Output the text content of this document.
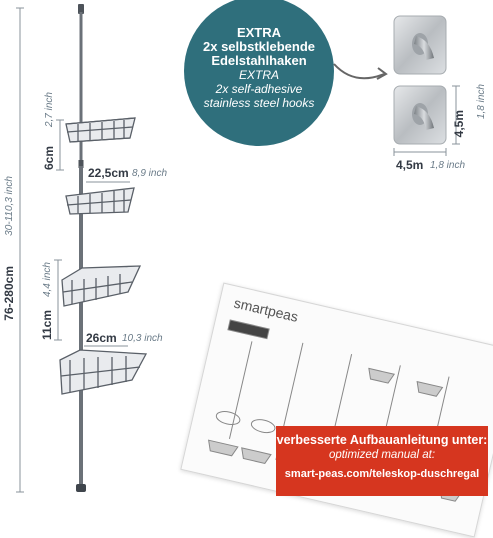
76-280cm
30-110,3 inch
6cm
2,7 inch
11cm
4,4 inch
22,5cm 8,9 inch
26cm 10,3 inch
EXTRA
2x selbstklebende
Edelstahlhaken
EXTRA
2x self-adhesive
stainless steel hooks
4,5m
1,8 inch
4,5m 1,8 inch
smartpeas
verbesserte Aufbauanleitung unter:
optimized manual at:
smart-peas.com/teleskop-duschregal
